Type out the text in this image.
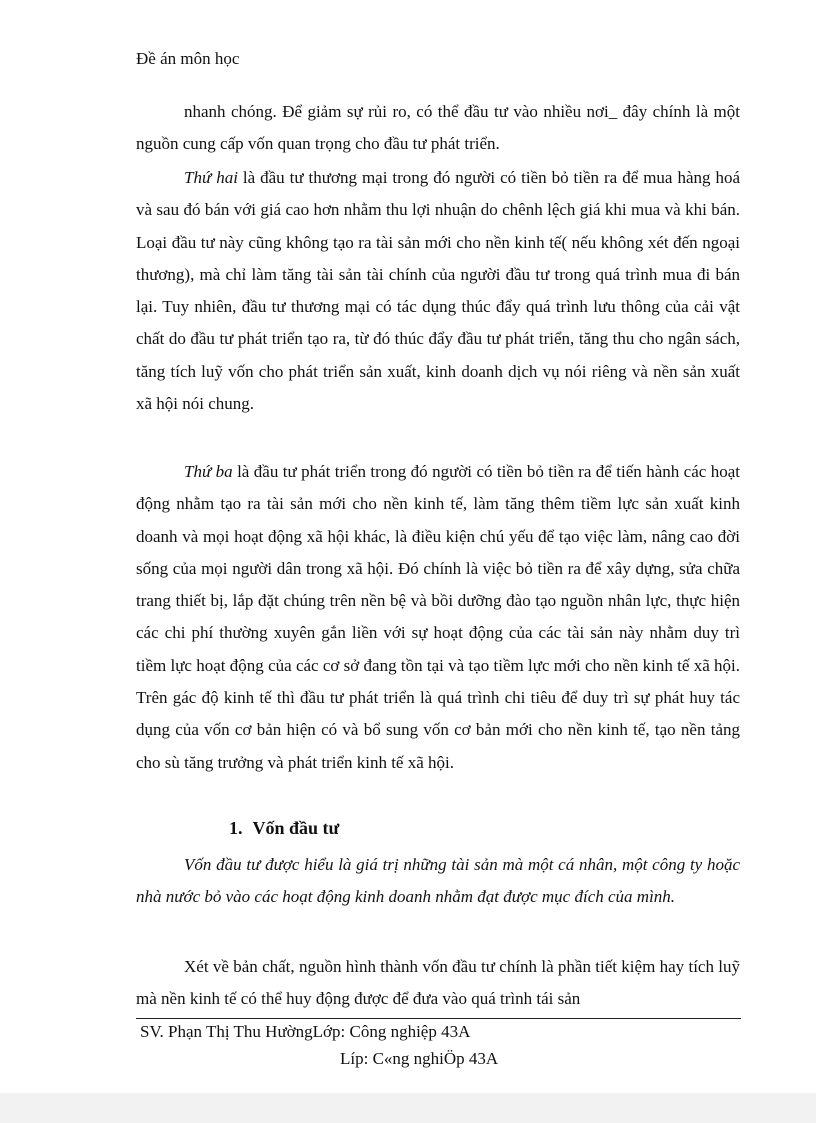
Đề án môn học

nhanh chóng. Để giảm sự rủi ro, có thể đầu tư vào nhiều nơi_ đây chính là một nguồn cung cấp vốn quan trọng cho đầu tư phát triển.

Thứ hai là đầu tư thương mại trong đó người có tiền bỏ tiền ra để mua hàng hoá và sau đó bán với giá cao hơn nhằm thu lợi nhuận do chênh lệch giá khi mua và khi bán. Loại đầu tư này cũng không tạo ra tài sản mới cho nền kinh tế( nếu không xét đến ngoại thương), mà chỉ làm tăng tài sản tài chính của người đầu tư trong quá trình mua đi bán lại. Tuy nhiên, đầu tư thương mại có tác dụng thúc đẩy quá trình lưu thông của cải vật chất do đầu tư phát triển tạo ra, từ đó thúc đẩy đầu tư phát triển, tăng thu cho ngân sách, tăng tích luỹ vốn cho phát triển sản xuất, kinh doanh dịch vụ nói riêng và nền sản xuất xã hội nói chung.

Thứ ba là đầu tư phát triển trong đó người có tiền bỏ tiền ra để tiến hành các hoạt động nhằm tạo ra tài sản mới cho nền kinh tế, làm tăng thêm tiềm lực sản xuất kinh doanh và mọi hoạt động xã hội khác, là điều kiện chú yếu để tạo việc làm, nâng cao đời sống của mọi người dân trong xã hội. Đó chính là việc bỏ tiền ra để xây dựng, sửa chữa trang thiết bị, lắp đặt chúng trên nền bệ và bồi dưỡng đào tạo nguồn nhân lực, thực hiện các chi phí thường xuyên gắn liền với sự hoạt động của các tài sản này nhằm duy trì tiềm lực hoạt động của các cơ sở đang tồn tại và tạo tiềm lực mới cho nền kinh tế xã hội. Trên gác độ kinh tế thì đầu tư phát triển là quá trình chi tiêu để duy trì sự phát huy tác dụng của vốn cơ bản hiện có và bổ sung vốn cơ bản mới cho nền kinh tế, tạo nền tảng cho sù tăng trưởng và phát triển kinh tế xã hội.

1. Vốn đầu tư

Vốn đầu tư được hiểu là giá trị những tài sản mà một cá nhân, một công ty hoặc nhà nước bỏ vào các hoạt động kinh doanh nhằm đạt được mục đích của mình.

Xét về bản chất, nguồn hình thành vốn đầu tư chính là phần tiết kiệm hay tích luỹ mà nền kinh tế có thể huy động được để đưa vào quá trình tái sản

SV. Phạn Thị Thu HườngLớp: Công nghiệp 43A
Líp: C«ng nghiÖp 43A
